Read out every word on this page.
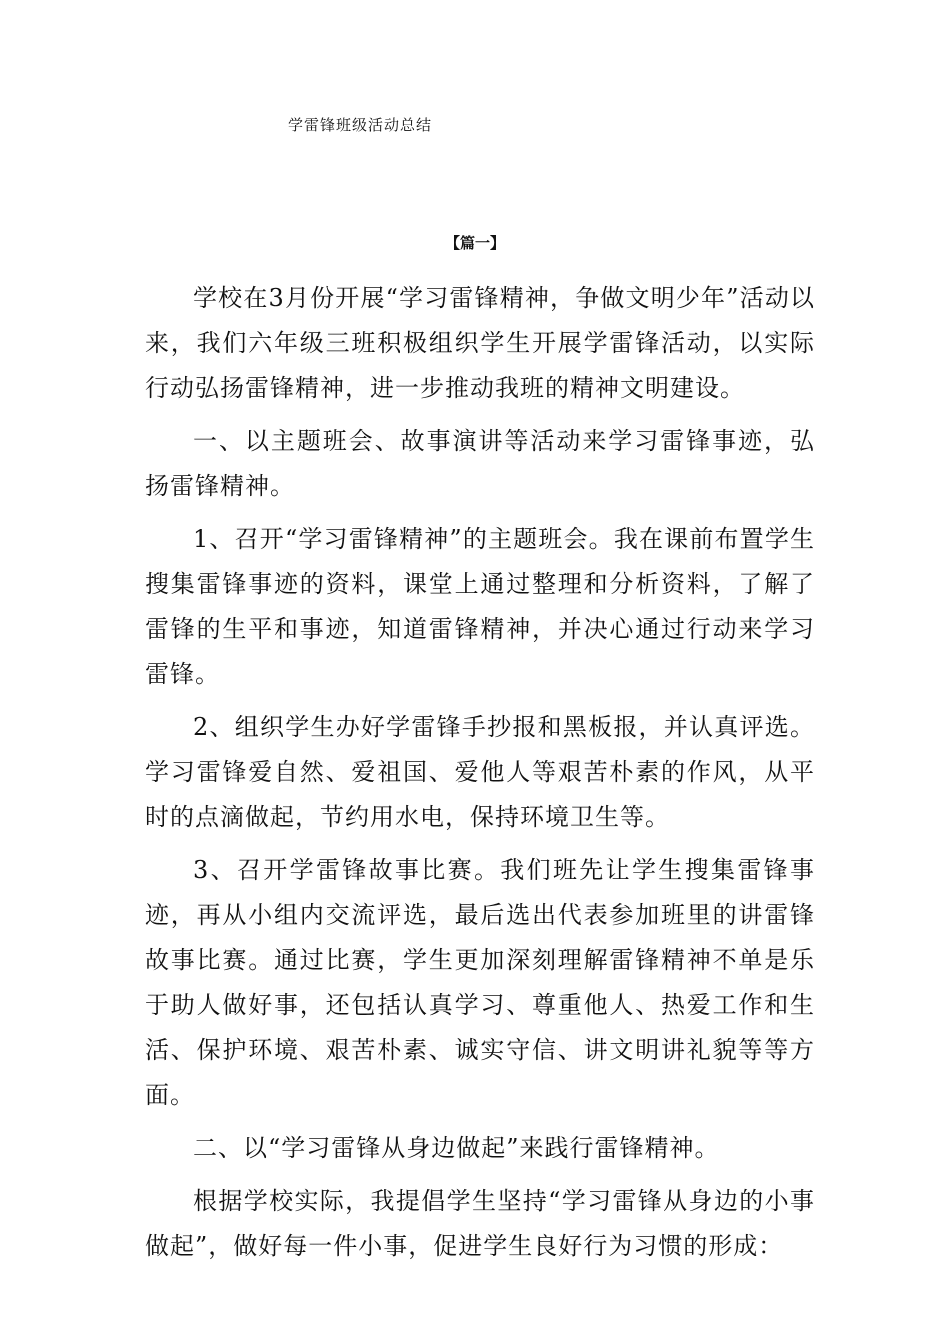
学雷锋班级活动总结
【篇一】

学校在3月份开展“学习雷锋精神，争做文明少年”活动以来，我们六年级三班积极组织学生开展学雷锋活动，以实际行动弘扬雷锋精神，进一步推动我班的精神文明建设。

一、以主题班会、故事演讲等活动来学习雷锋事迹，弘扬雷锋精神。

1、召开“学习雷锋精神”的主题班会。我在课前布置学生搜集雷锋事迹的资料，课堂上通过整理和分析资料，了解了雷锋的生平和事迹，知道雷锋精神，并决心通过行动来学习雷锋。

2、组织学生办好学雷锋手抄报和黑板报，并认真评选。学习雷锋爱自然、爱祖国、爱他人等艰苦朴素的作风，从平时的点滴做起，节约用水电，保持环境卫生等。

3、召开学雷锋故事比赛。我们班先让学生搜集雷锋事迹，再从小组内交流评选，最后选出代表参加班里的讲雷锋故事比赛。通过比赛，学生更加深刻理解雷锋精神不单是乐于助人做好事，还包括认真学习、尊重他人、热爱工作和生活、保护环境、艰苦朴素、诚实守信、讲文明讲礼貌等等方面。

二、以“学习雷锋从身边做起”来践行雷锋精神。

根据学校实际，我提倡学生坚持“学习雷锋从身边的小事做起”，做好每一件小事，促进学生良好行为习惯的形成：
